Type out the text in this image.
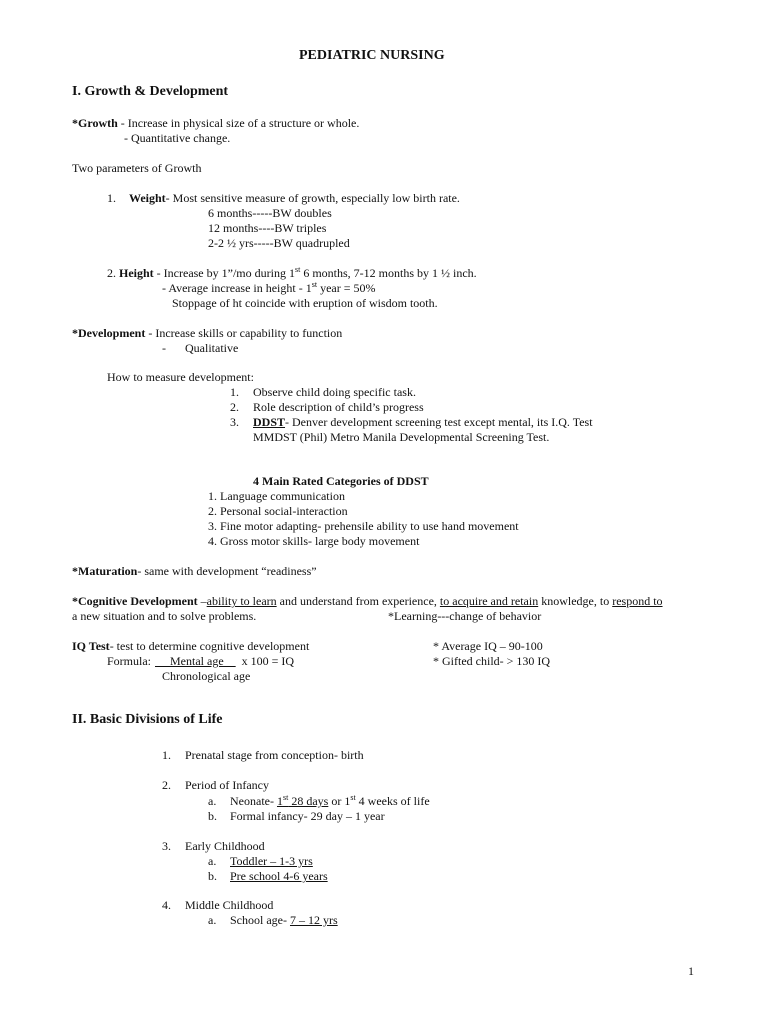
PEDIATRIC NURSING
I. Growth & Development
*Growth - Increase in physical size of a structure or whole.
- Quantitative change.
Two parameters of Growth
1. Weight- Most sensitive measure of growth, especially low birth rate.
6 months-----BW doubles
12 months----BW triples
2-2 ½ yrs-----BW quadrupled
2. Height - Increase by 1”/mo during 1st 6 months, 7-12 months by 1 ½ inch.
- Average increase in height - 1st year = 50%
Stoppage of ht coincide with eruption of wisdom tooth.
*Development - Increase skills or capability to function
- Qualitative
How to measure development:
1. Observe child doing specific task.
2. Role description of child’s progress
3. DDST- Denver development screening test except mental, its I.Q. Test
MMDST (Phil) Metro Manila Developmental Screening Test.
4 Main Rated Categories of DDST
1. Language communication
2. Personal social-interaction
3. Fine motor adapting- prehensile ability to use hand movement
4. Gross motor skills- large body movement
*Maturation- same with development “readiness”
*Cognitive Development –ability to learn and understand from experience, to acquire and retain knowledge, to respond to
a new situation and to solve problems.	*Learning---change of behavior
IQ Test- test to determine cognitive development	* Average IQ – 90-100
Formula: Mental age      x 100 = IQ	* Gifted child- > 130 IQ
Chronological age
II. Basic Divisions of Life
1. Prenatal stage from conception- birth
2. Period of Infancy
a. Neonate- 1st 28 days or 1st 4 weeks of life
b. Formal infancy- 29 day – 1 year
3. Early Childhood
a. Toddler – 1-3 yrs
b. Pre school 4-6 years
4. Middle Childhood
a. School age- 7 – 12 yrs
1
